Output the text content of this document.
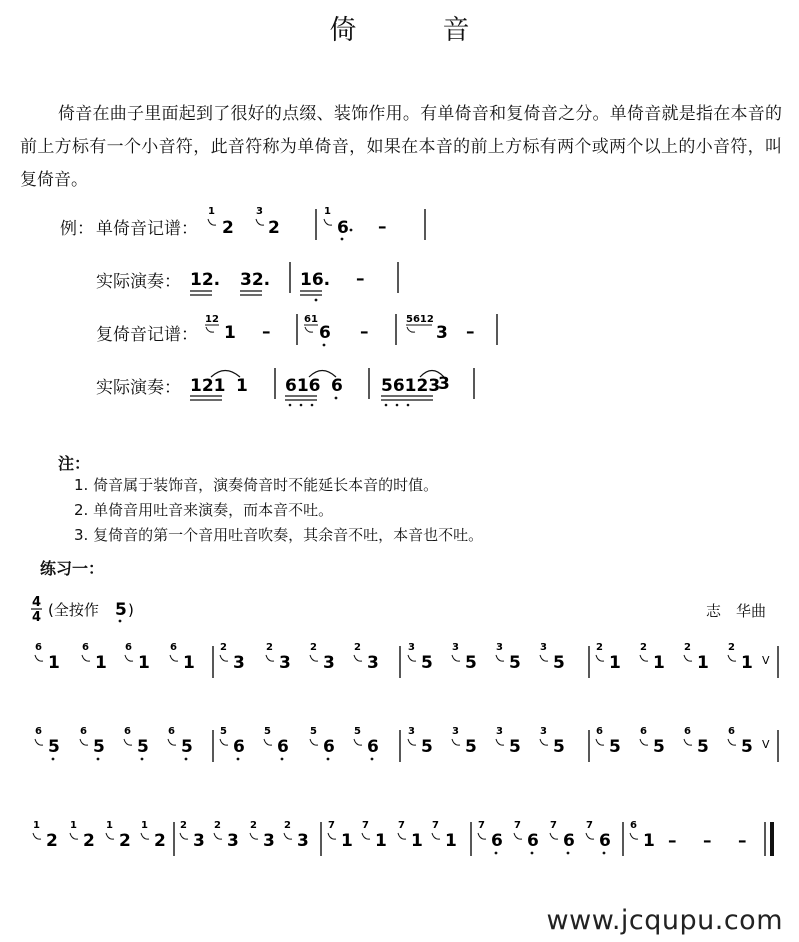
倚	音
倚音在曲子里面起到了很好的点缀、装饰作用。有单倚音和复倚音之分。单倚音就是指在本音的前上方标有一个小音符，此音符称为单倚音，如果在本音的前上方标有两个或两个以上的小音符，叫复倚音。
例： 单倚音记谱：
实际演奏：
复倚音记谱：
实际演奏：
1
2
3
2
1
6 –
12. 32. 16. –
12
1 –
61
6 –
5612
3 –
121 1 616 6 56123
3
注：
1. 倚音属于装饰音，演奏倚音时不能延长本音的时值。
2. 单倚音用吐音来演奏，而本音不吐。
3. 复倚音的第一个音用吐音吹奏，其余音不吐，本音也不吐。
练习一：
4
4 (全按作 5 )	志　华曲
6
1
6
1
6
1
6
1
2
3
2
3
2
3
2
3
3
5
3
5
3
5
3
5
2
1
2
1
2
1
2
1 V
6
5
6
5
6
5
6
5
5
6
5
6
5
6
5
6
3
5
3
5
3
5
3
5
6
5
6
5
6
5
6
5 V
1
2
1
2
1
2
1
2
2
3
2
3
2
3
2
3
7
1
7
1
7
1
7
1
7
6
7
6
7
6
7
6
6
1 – – –
www.jcqupu.com
